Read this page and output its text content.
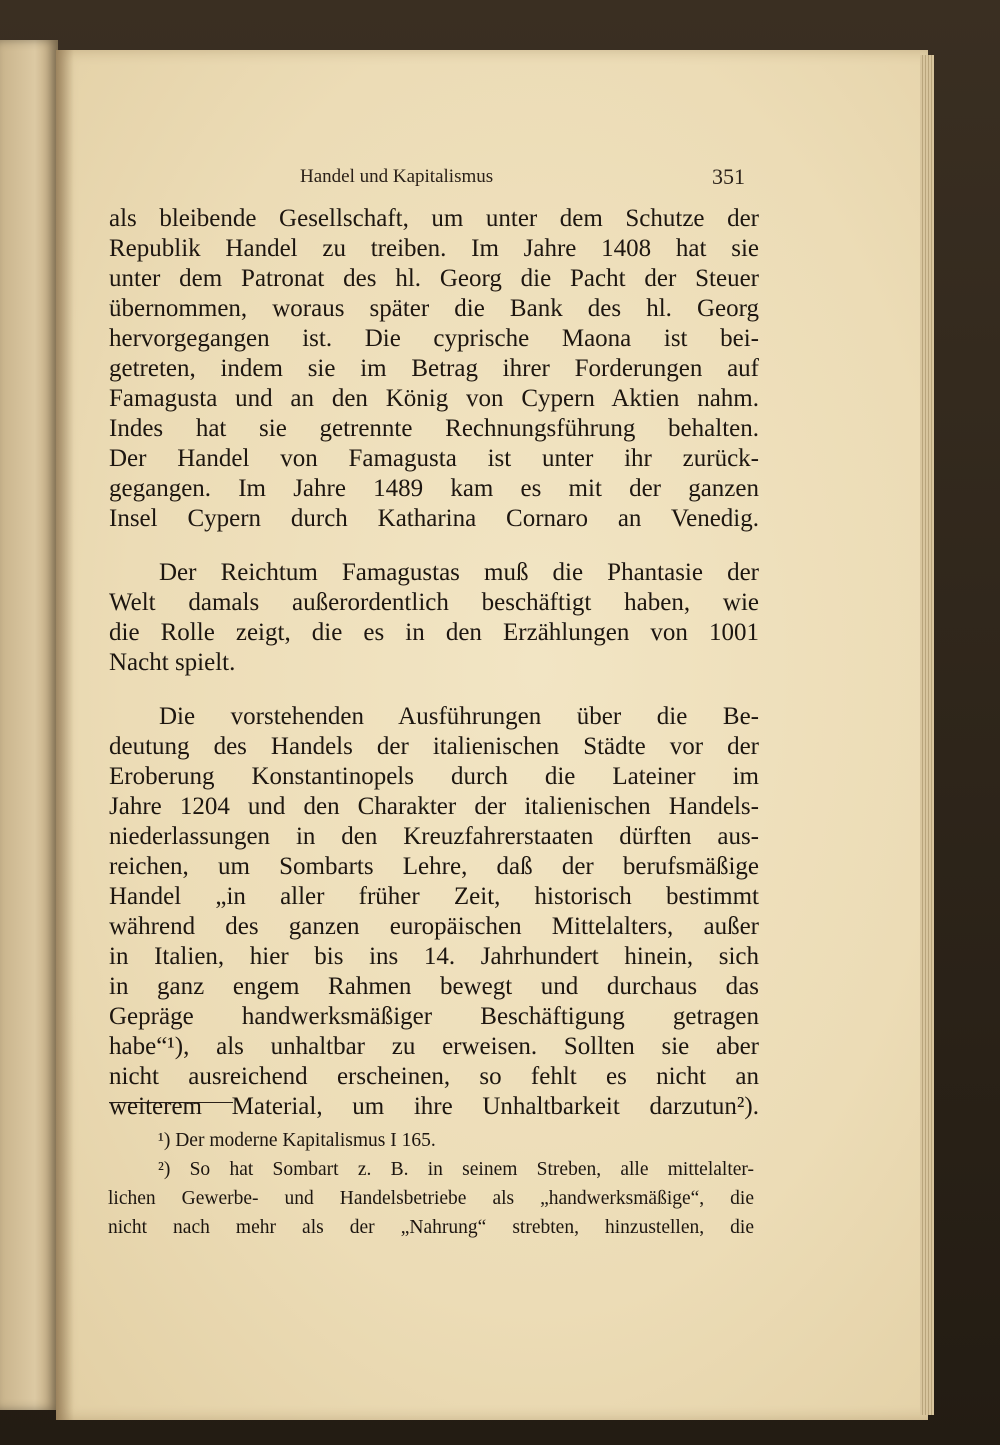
Handel und Kapitalismus	351
als bleibende Gesellschaft, um unter dem Schutze der
Republik Handel zu treiben. Im Jahre 1408 hat sie
unter dem Patronat des hl. Georg die Pacht der Steuer
übernommen, woraus später die Bank des hl. Georg
hervorgegangen ist. Die cyprische Maona ist bei-
getreten, indem sie im Betrag ihrer Forderungen auf
Famagusta und an den König von Cypern Aktien nahm.
Indes hat sie getrennte Rechnungsführung behalten.
Der Handel von Famagusta ist unter ihr zurück-
gegangen. Im Jahre 1489 kam es mit der ganzen
Insel Cypern durch Katharina Cornaro an Venedig.
Der Reichtum Famagustas muß die Phantasie der
Welt damals außerordentlich beschäftigt haben, wie
die Rolle zeigt, die es in den Erzählungen von 1001
Nacht spielt.
Die vorstehenden Ausführungen über die Be-
deutung des Handels der italienischen Städte vor der
Eroberung Konstantinopels durch die Lateiner im
Jahre 1204 und den Charakter der italienischen Handels-
niederlassungen in den Kreuzfahrerstaaten dürften aus-
reichen, um Sombarts Lehre, daß der berufsmäßige
Handel „in aller früher Zeit, historisch bestimmt
während des ganzen europäischen Mittelalters, außer
in Italien, hier bis ins 14. Jahrhundert hinein, sich
in ganz engem Rahmen bewegt und durchaus das
Gepräge handwerksmäßiger Beschäftigung getragen
habe“¹), als unhaltbar zu erweisen. Sollten sie aber
nicht ausreichend erscheinen, so fehlt es nicht an
weiterem Material, um ihre Unhaltbarkeit darzutun²).
¹) Der moderne Kapitalismus I 165.
²) So hat Sombart z. B. in seinem Streben, alle mittelalter-
lichen Gewerbe- und Handelsbetriebe als „handwerksmäßige“, die
nicht nach mehr als der „Nahrung“ strebten, hinzustellen, die
